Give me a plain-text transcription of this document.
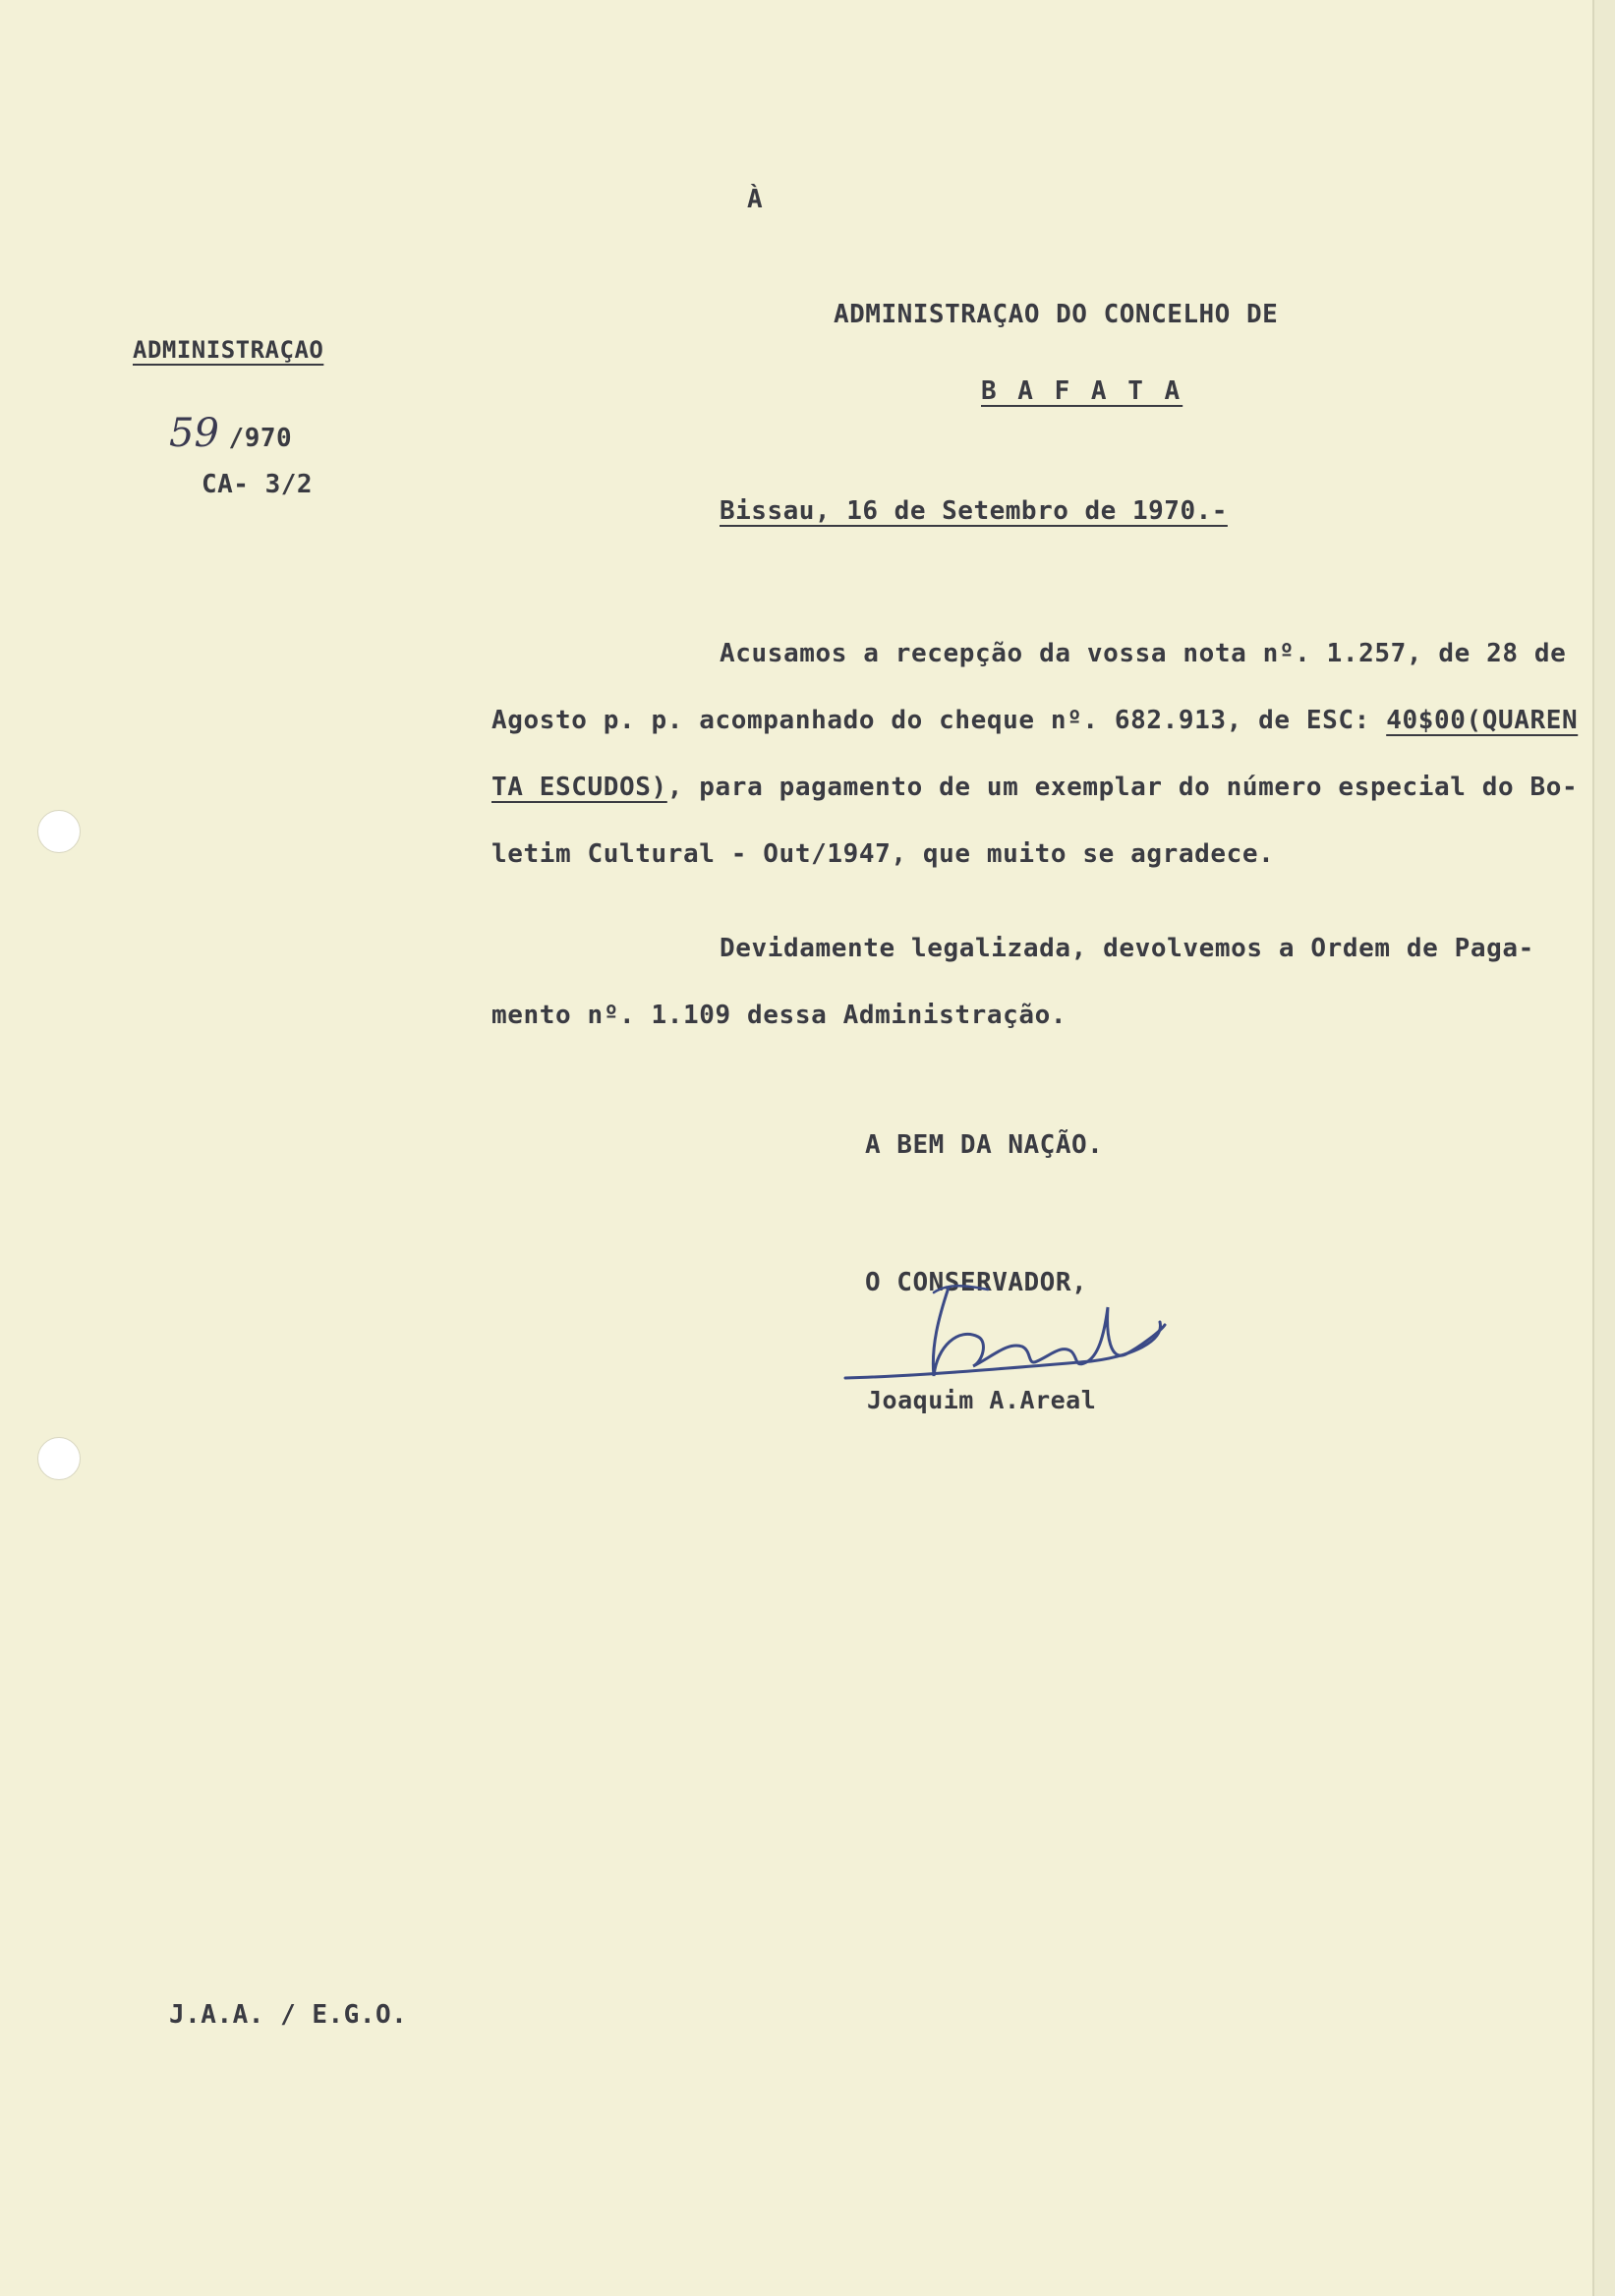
À
ADMINISTRAÇAO
59 /970
CA- 3/2
ADMINISTRAÇAO DO CONCELHO DE
B A F A T A
Bissau, 16 de Setembro de 1970.-
Acusamos a recepção da vossa nota nº. 1.257, de 28 de
Agosto p. p. acompanhado do cheque nº. 682.913, de ESC: 40$00(QUAREN
TA ESCUDOS), para pagamento de um exemplar do número especial do Bo-
letim Cultural - Out/1947, que muito se agradece.
Devidamente legalizada, devolvemos a Ordem de Paga-
mento nº. 1.109 dessa Administração.
A BEM DA NAÇÃO.
O CONSERVADOR,
Joaquim A.Areal
J.A.A. / E.G.O.
